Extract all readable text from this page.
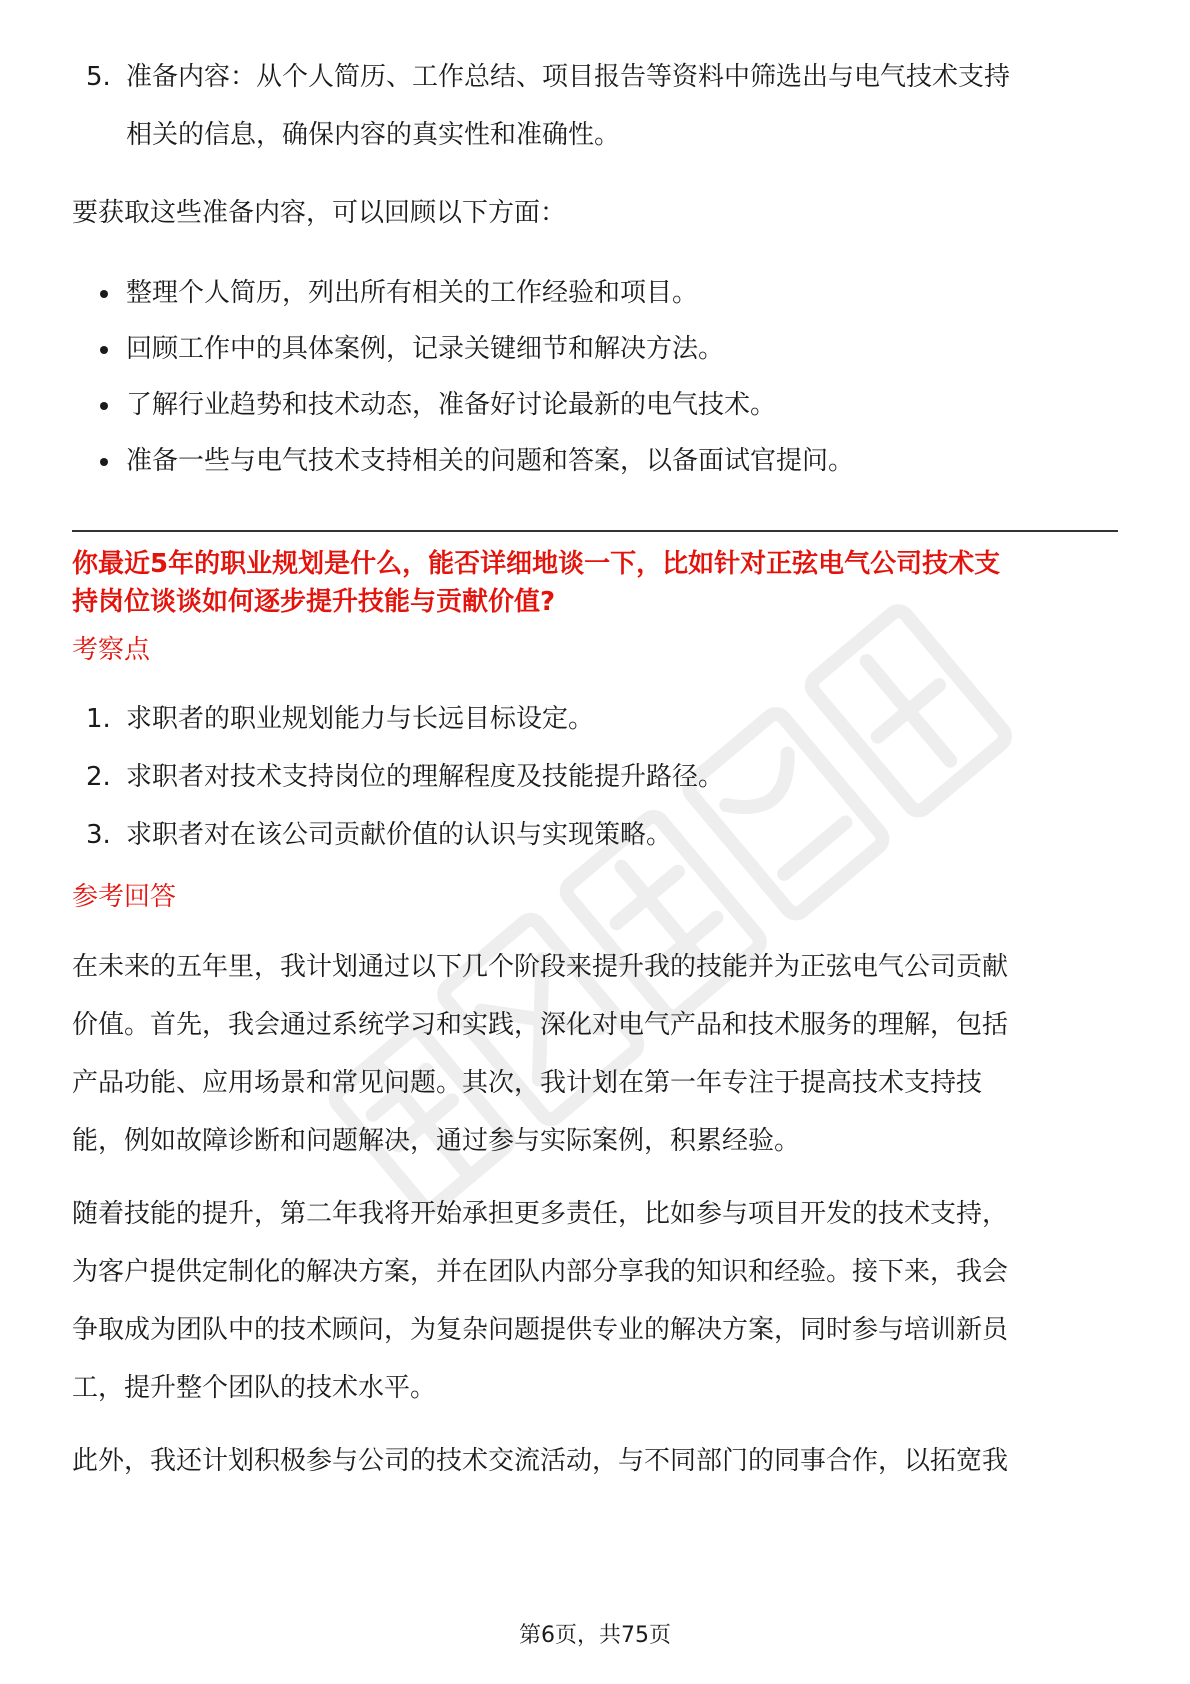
5. 准备内容：从个人简历、工作总结、项目报告等资料中筛选出与电气技术支持
相关的信息，确保内容的真实性和准确性。

要获取这些准备内容，可以回顾以下方面：

整理个人简历，列出所有相关的工作经验和项目。
回顾工作中的具体案例，记录关键细节和解决方法。
了解行业趋势和技术动态，准备好讨论最新的电气技术。
准备一些与电气技术支持相关的问题和答案，以备面试官提问。

你最近5年的职业规划是什么，能否详细地谈一下，比如针对正弦电气公司技术支
持岗位谈谈如何逐步提升技能与贡献价值?

考察点

1. 求职者的职业规划能力与长远目标设定。
2. 求职者对技术支持岗位的理解程度及技能提升路径。
3. 求职者对在该公司贡献价值的认识与实现策略。

参考回答

在未来的五年里，我计划通过以下几个阶段来提升我的技能并为正弦电气公司贡献
价值。首先，我会通过系统学习和实践，深化对电气产品和技术服务的理解，包括
产品功能、应用场景和常见问题。其次，我计划在第一年专注于提高技术支持技
能，例如故障诊断和问题解决，通过参与实际案例，积累经验。

随着技能的提升，第二年我将开始承担更多责任，比如参与项目开发的技术支持，
为客户提供定制化的解决方案，并在团队内部分享我的知识和经验。接下来，我会
争取成为团队中的技术顾问，为复杂问题提供专业的解决方案，同时参与培训新员
工，提升整个团队的技术水平。

此外，我还计划积极参与公司的技术交流活动，与不同部门的同事合作，以拓宽我

第6页，共75页
